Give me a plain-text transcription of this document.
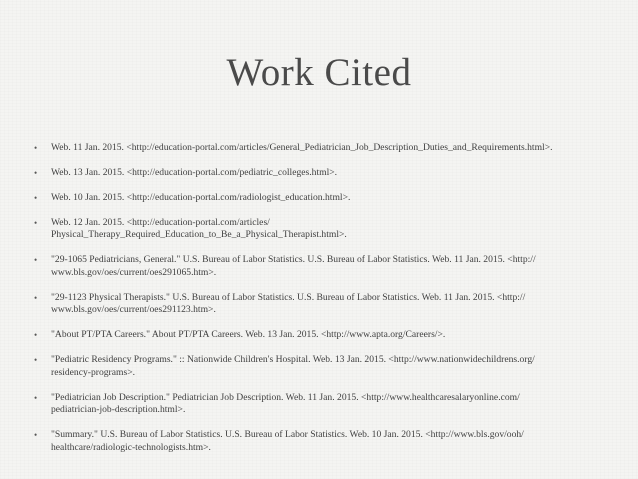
Work Cited
• Web. 11 Jan. 2015. <http://education-portal.com/articles/General_Pediatrician_Job_Description_Duties_and_Requirements.html>.
• Web. 13 Jan. 2015. <http://education-portal.com/pediatric_colleges.html>.
• Web. 10 Jan. 2015. <http://education-portal.com/radiologist_education.html>.
• Web. 12 Jan. 2015. <http://education-portal.com/articles/
Physical_Therapy_Required_Education_to_Be_a_Physical_Therapist.html>.
• "29-1065 Pediatricians, General." U.S. Bureau of Labor Statistics. U.S. Bureau of Labor Statistics. Web. 11 Jan. 2015. <http://
www.bls.gov/oes/current/oes291065.htm>.
• "29-1123 Physical Therapists." U.S. Bureau of Labor Statistics. U.S. Bureau of Labor Statistics. Web. 11 Jan. 2015. <http://
www.bls.gov/oes/current/oes291123.htm>.
• "About PT/PTA Careers." About PT/PTA Careers. Web. 13 Jan. 2015. <http://www.apta.org/Careers/>.
• "Pediatric Residency Programs." :: Nationwide Children's Hospital. Web. 13 Jan. 2015. <http://www.nationwidechildrens.org/
residency-programs>.
• "Pediatrician Job Description." Pediatrician Job Description. Web. 11 Jan. 2015. <http://www.healthcaresalaryonline.com/
pediatrician-job-description.html>.
• "Summary." U.S. Bureau of Labor Statistics. U.S. Bureau of Labor Statistics. Web. 10 Jan. 2015. <http://www.bls.gov/ooh/
healthcare/radiologic-technologists.htm>.
